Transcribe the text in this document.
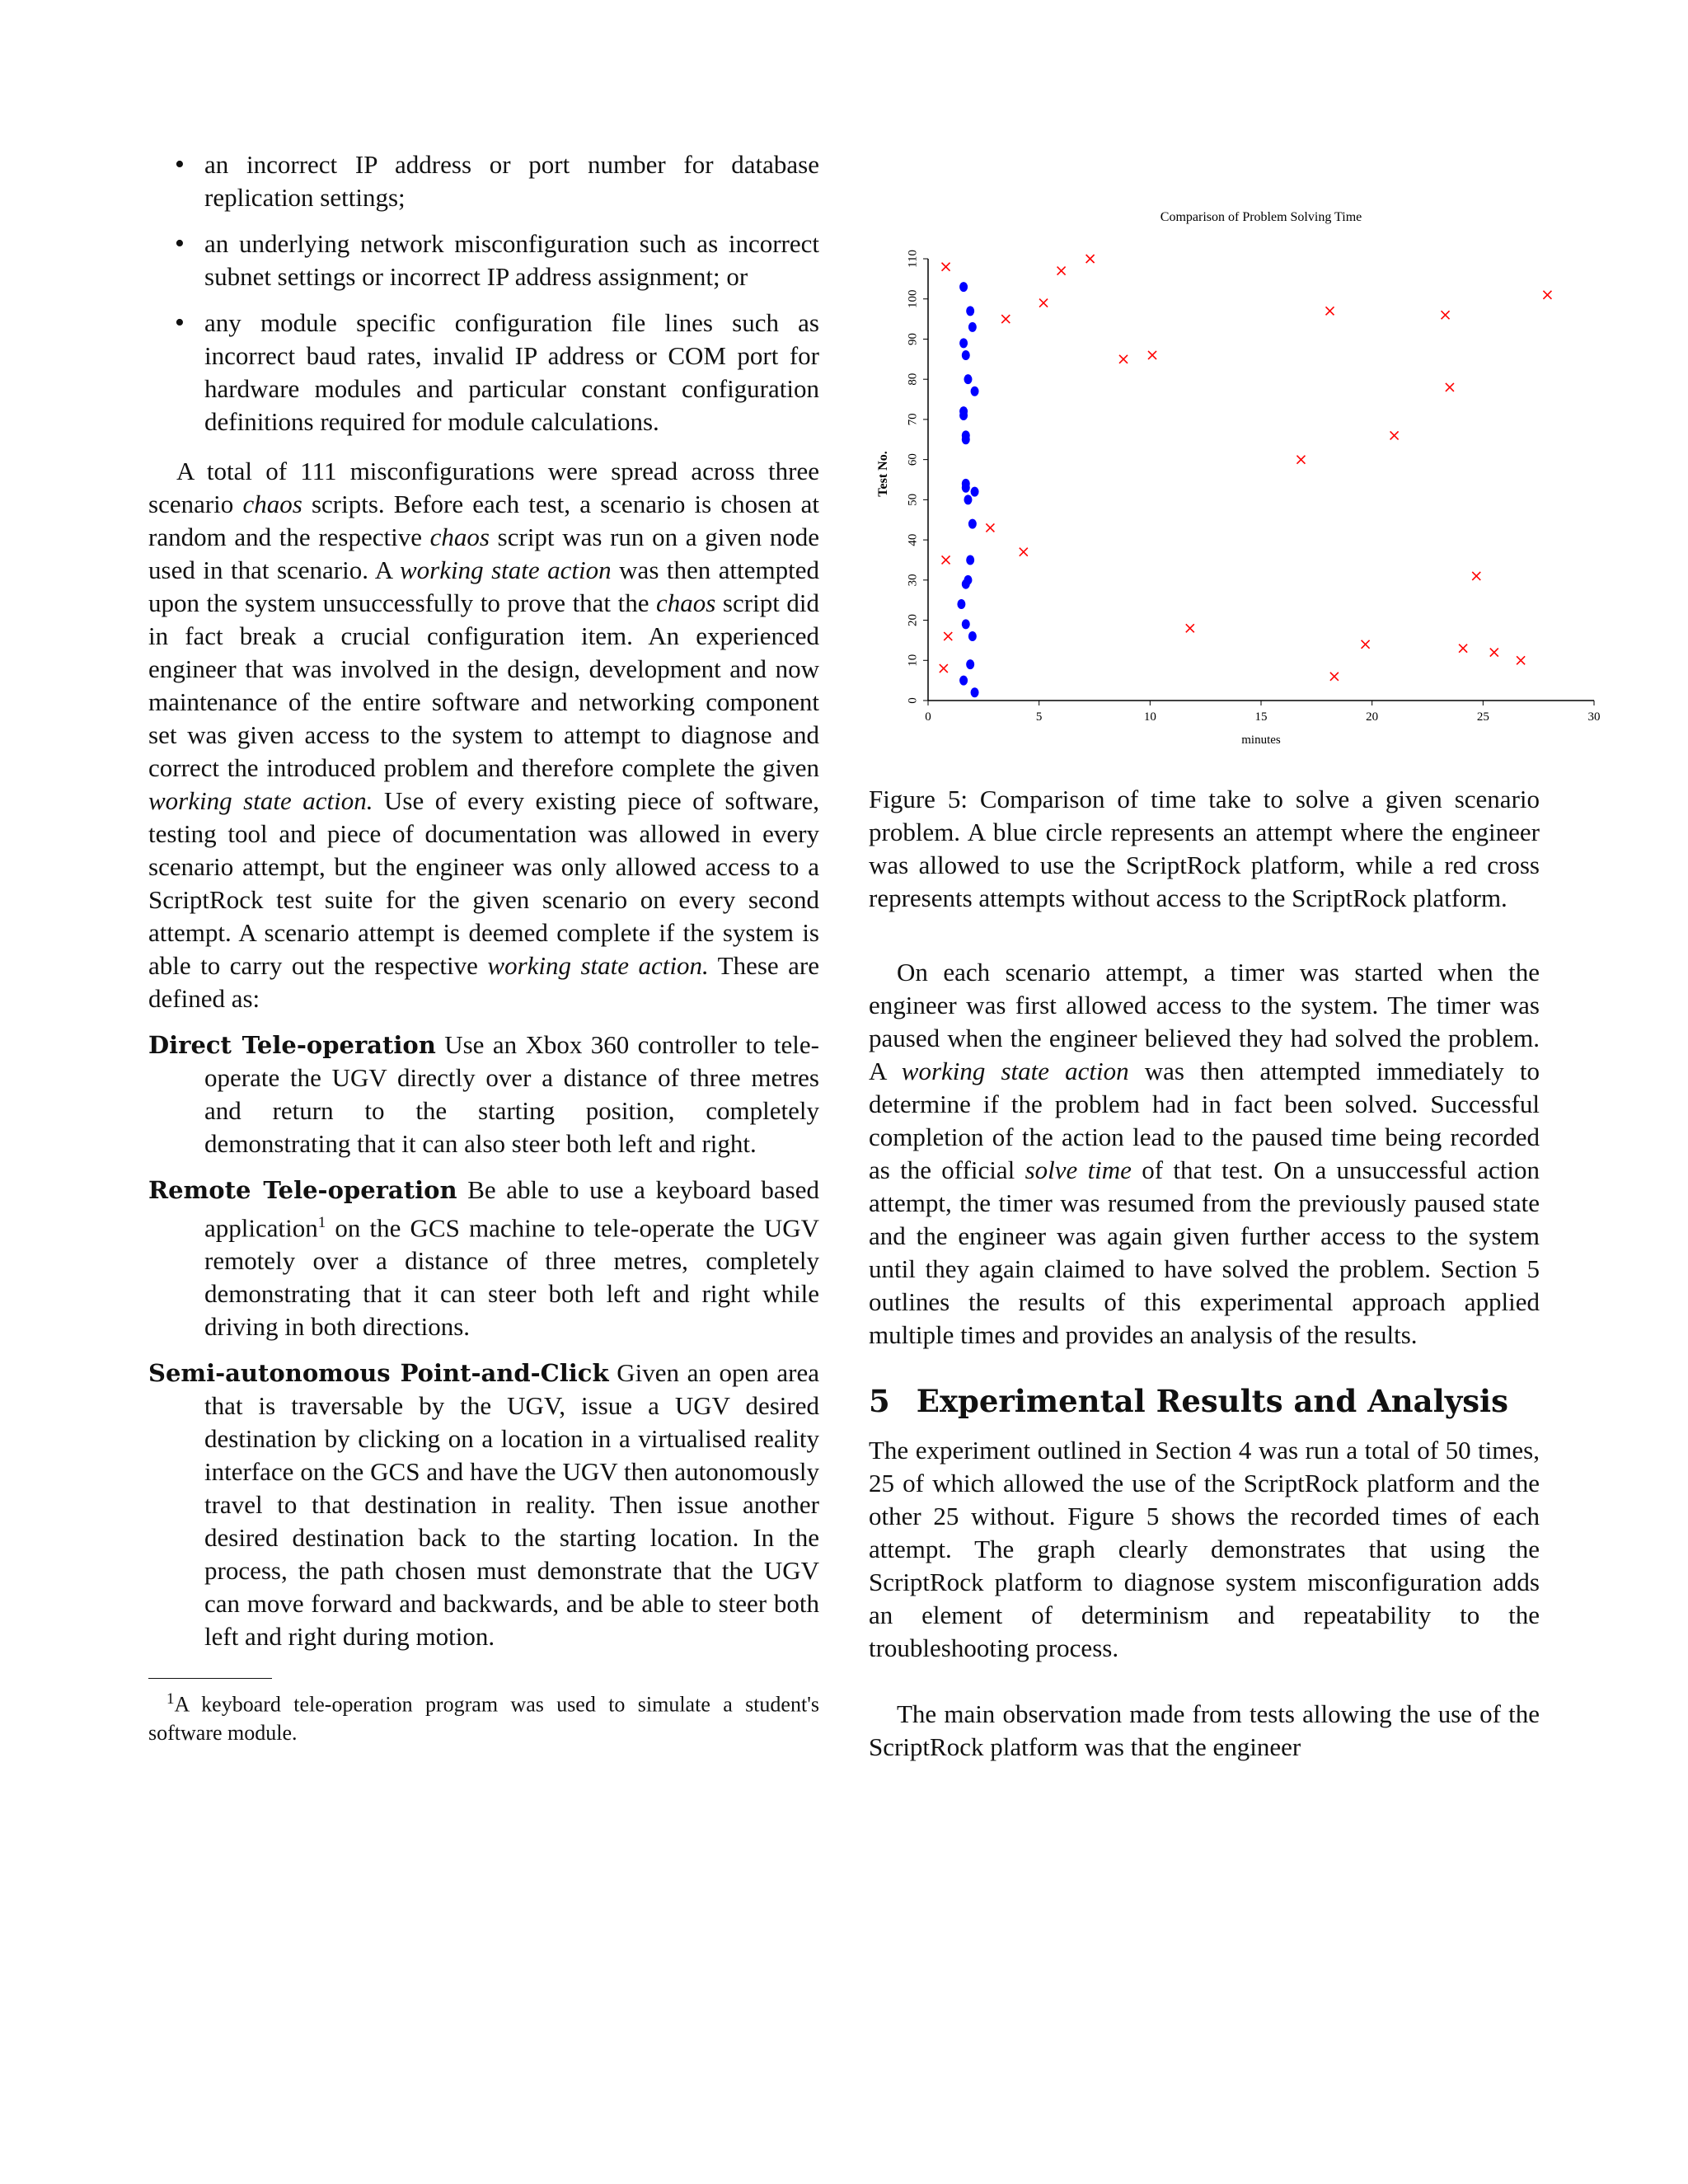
• an incorrect IP address or port number for database replication settings;
• an underlying network misconfiguration such as incorrect subnet settings or incorrect IP address assignment; or
• any module specific configuration file lines such as incorrect baud rates, invalid IP address or COM port for hardware modules and particular constant configuration definitions required for module calculations.

A total of 111 misconfigurations were spread across three scenario chaos scripts. Before each test, a scenario is chosen at random and the respective chaos script was run on a given node used in that scenario. A working state action was then attempted upon the system unsuccessfully to prove that the chaos script did in fact break a crucial configuration item. An experienced engineer that was involved in the design, development and now maintenance of the entire software and networking component set was given access to the system to attempt to diagnose and correct the introduced problem and therefore complete the given working state action. Use of every existing piece of software, testing tool and piece of documentation was allowed in every scenario attempt, but the engineer was only allowed access to a ScriptRock test suite for the given scenario on every second attempt. A scenario attempt is deemed complete if the system is able to carry out the respective working state action. These are defined as:

Direct Tele-operation Use an Xbox 360 controller to tele-operate the UGV directly over a distance of three metres and return to the starting position, completely demonstrating that it can also steer both left and right.
Remote Tele-operation Be able to use a keyboard based application$^1$ on the GCS machine to tele-operate the UGV remotely over a distance of three metres, completely demonstrating that it can steer both left and right while driving in both directions.
Semi-autonomous Point-and-Click Given an open area that is traversable by the UGV, issue a UGV desired destination by clicking on a location in a virtualised reality interface on the GCS and have the UGV then autonomously travel to that destination in reality. Then issue another desired destination back to the starting location. In the process, the path chosen must demonstrate that the UGV can move forward and backwards, and be able to steer both left and right during motion.
$^1$A keyboard tele-operation program was used to simulate a student's software module.
Comparison of Problem Solving Time
0	5	10	15	20	25	30
0
10
20
30
40
50
60
70
80
90
100
110
minutes
Test No.
Figure 5: Comparison of time take to solve a given scenario problem. A blue circle represents an attempt where the engineer was allowed to use the ScriptRock platform, while a red cross represents attempts without access to the ScriptRock platform.

On each scenario attempt, a timer was started when the engineer was first allowed access to the system. The timer was paused when the engineer believed they had solved the problem. A working state action was then attempted immediately to determine if the problem had in fact been solved. Successful completion of the action lead to the paused time being recorded as the official solve time of that test. On a unsuccessful action attempt, the timer was resumed from the previously paused state and the engineer was again given further access to the system until they again claimed to have solved the problem. Section 5 outlines the results of this experimental approach applied multiple times and provides an analysis of the results.

5 Experimental Results and Analysis

The experiment outlined in Section 4 was run a total of 50 times, 25 of which allowed the use of the ScriptRock platform and the other 25 without. Figure 5 shows the recorded times of each attempt. The graph clearly demonstrates that using the ScriptRock platform to diagnose system misconfiguration adds an element of determinism and repeatability to the troubleshooting process.

The main observation made from tests allowing the use of the ScriptRock platform was that the engineer
